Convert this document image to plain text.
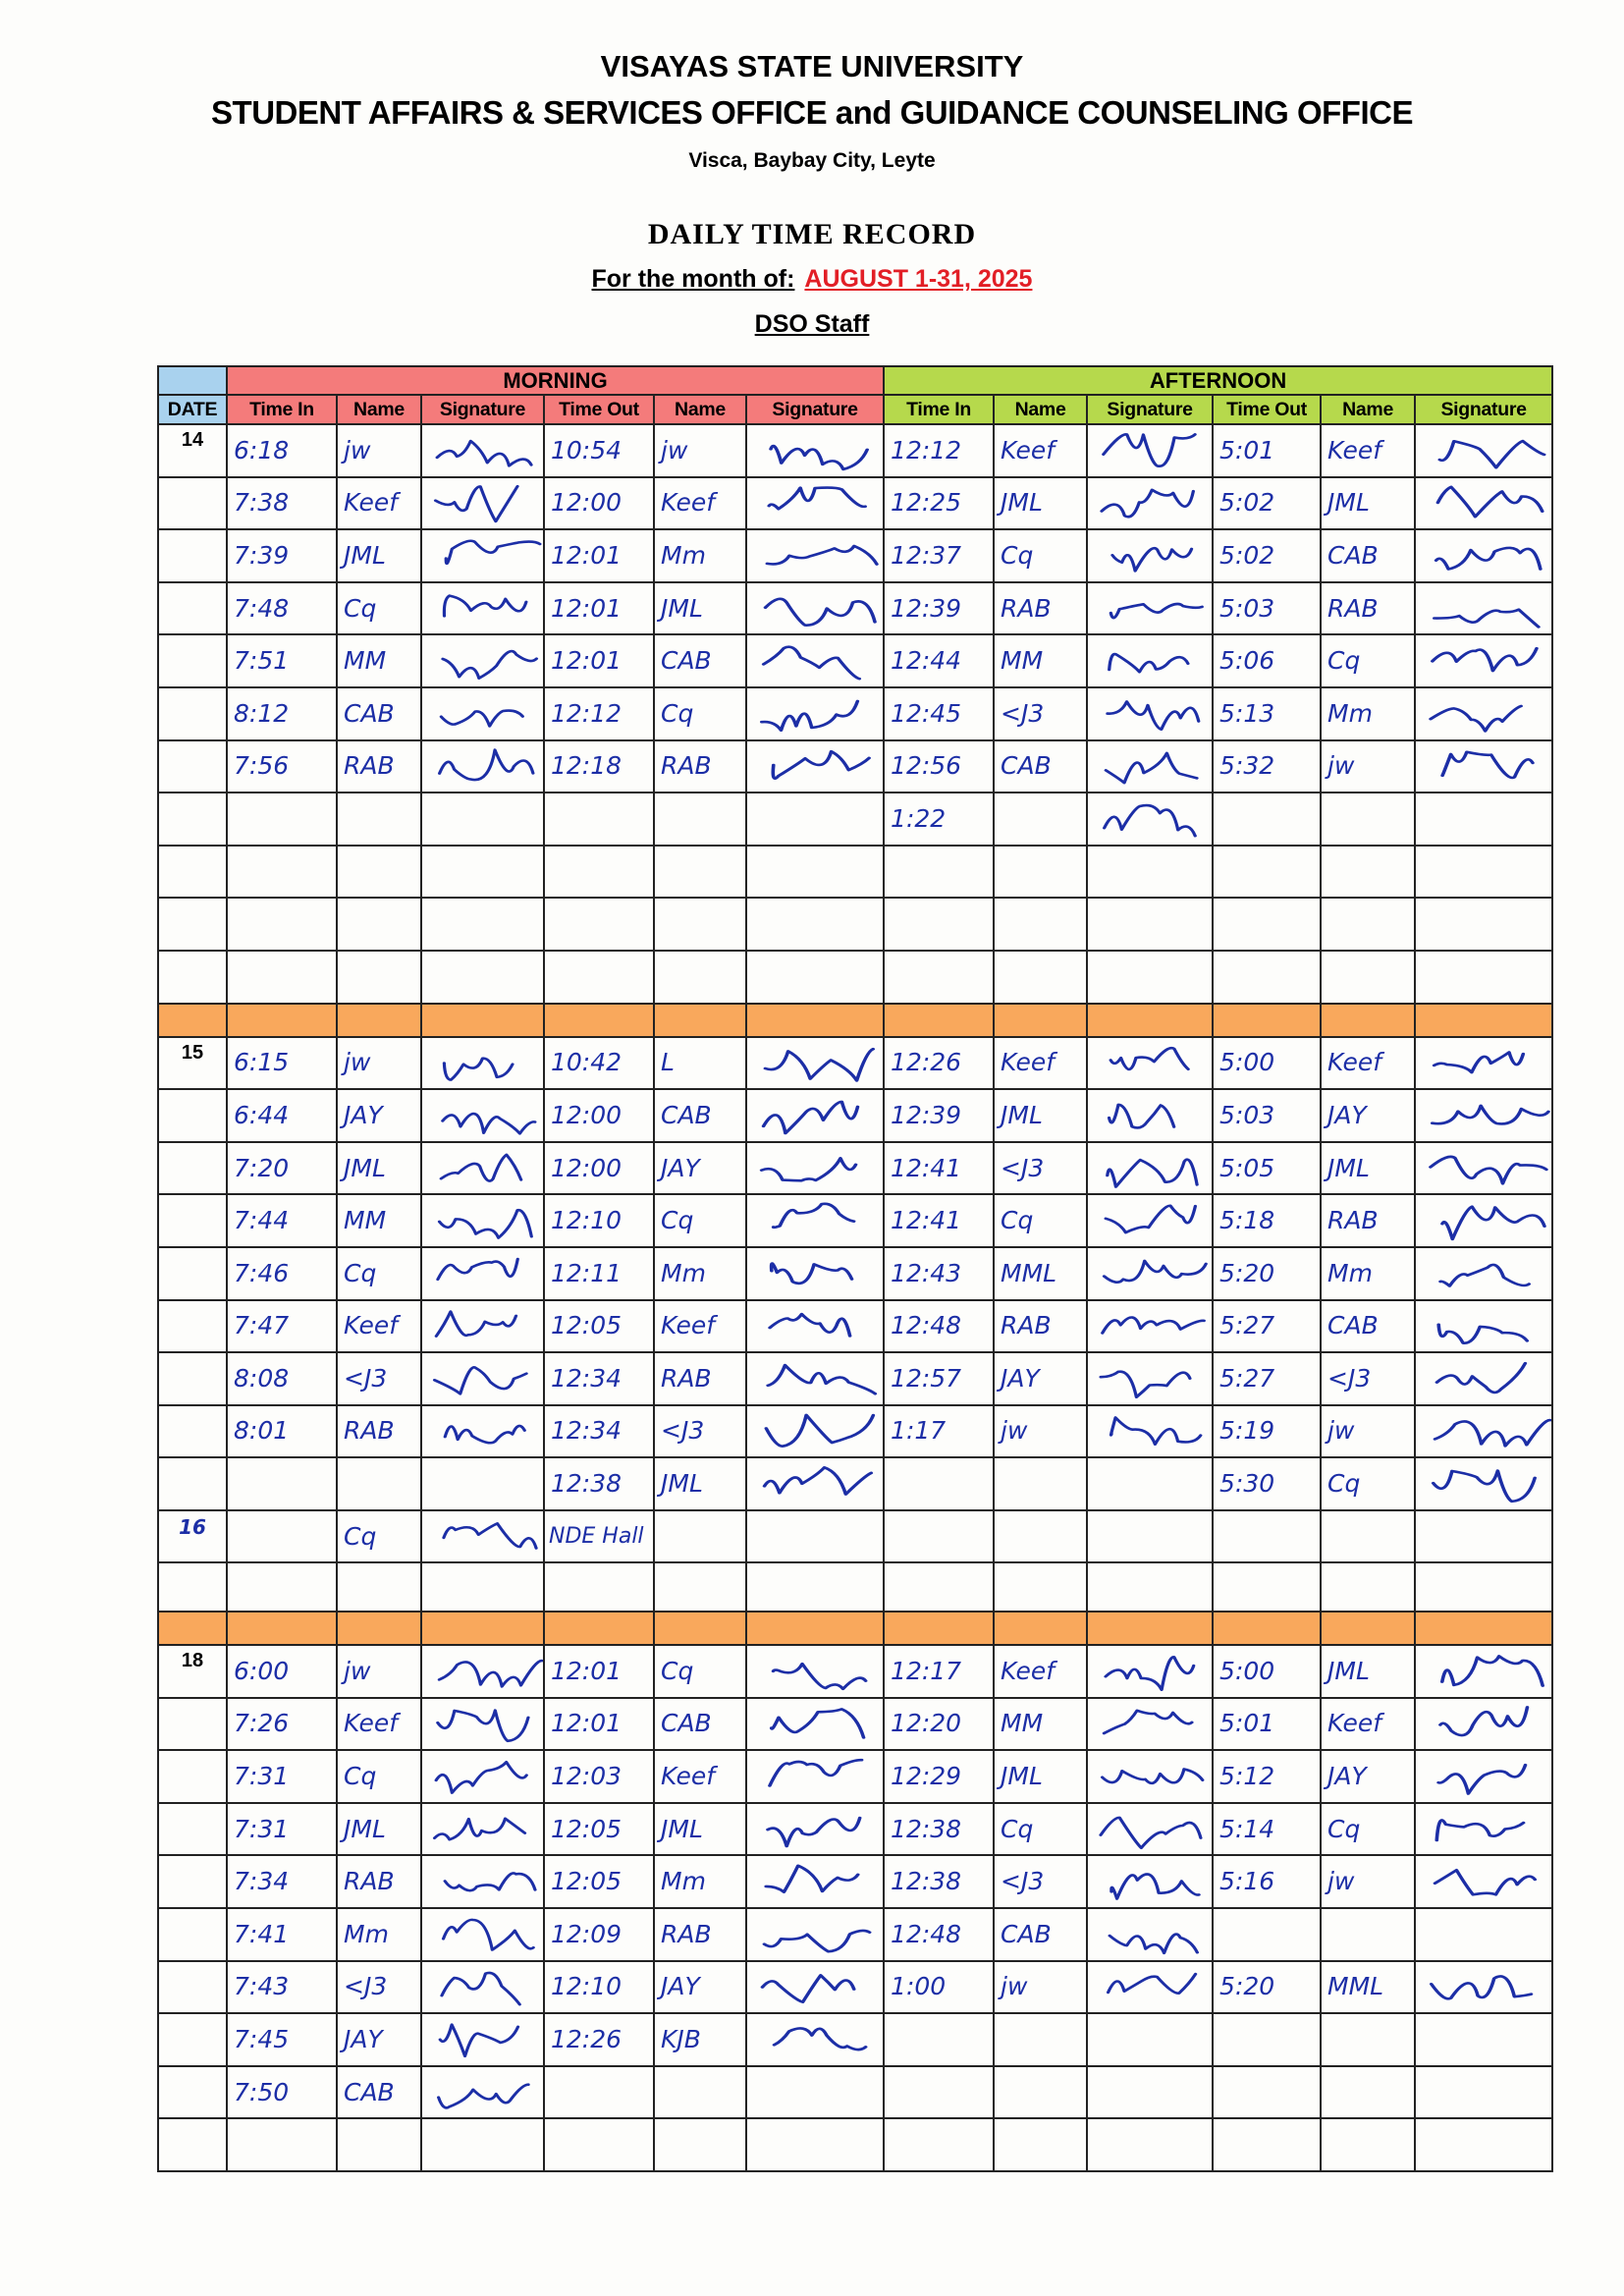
VISAYAS STATE UNIVERSITY
STUDENT AFFAIRS & SERVICES OFFICE and GUIDANCE COUNSELING OFFICE
Visca, Baybay City, Leyte
DAILY TIME RECORD
For the month of: AUGUST 1-31, 2025
DSO Staff
	MORNING						AFTERNOON					
DATE	Time In	Name	Signature	Time Out	Name	Signature	Time In	Name	Signature	Time Out	Name	Signature
14	6:18	jw		10:54	jw		12:12	Keef		5:01	Keef

	7:38	Keef		12:00	Keef		12:25	JML		5:02	JML

	7:39	JML		12:01	Mm		12:37	Cq		5:02	CAB

	7:48	Cq		12:01	JML		12:39	RAB		5:03	RAB

	7:51	MM		12:01	CAB		12:44	MM		5:06	Cq

	8:12	CAB		12:12	Cq		12:45	<J3		5:13	Mm

	7:56	RAB		12:18	RAB		12:56	CAB		5:32	jw

							1:22

15	6:15	jw		10:42	L		12:26	Keef		5:00	Keef

	6:44	JAY		12:00	CAB		12:39	JML		5:03	JAY

	7:20	JML		12:00	JAY		12:41	<J3		5:05	JML

	7:44	MM		12:10	Cq		12:41	Cq		5:18	RAB

	7:46	Cq		12:11	Mm		12:43	MML		5:20	Mm

	7:47	Keef		12:05	Keef		12:48	RAB		5:27	CAB

	8:08	<J3		12:34	RAB		12:57	JAY		5:27	<J3

	8:01	RAB		12:34	<J3		1:17	jw		5:19	jw

				12:38	JML					5:30	Cq

16		Cq		NDE Hall								

18	6:00	jw		12:01	Cq		12:17	Keef		5:00	JML

	7:26	Keef		12:01	CAB		12:20	MM		5:01	Keef

	7:31	Cq		12:03	Keef		12:29	JML		5:12	JAY

	7:31	JML		12:05	JML		12:38	Cq		5:14	Cq

	7:34	RAB		12:05	Mm		12:38	<J3		5:16	jw

	7:41	Mm		12:09	RAB		12:48	CAB

	7:43	<J3		12:10	JAY		1:00	jw		5:20	MML

	7:45	JAY		12:26	KJB

	7:50	CAB
